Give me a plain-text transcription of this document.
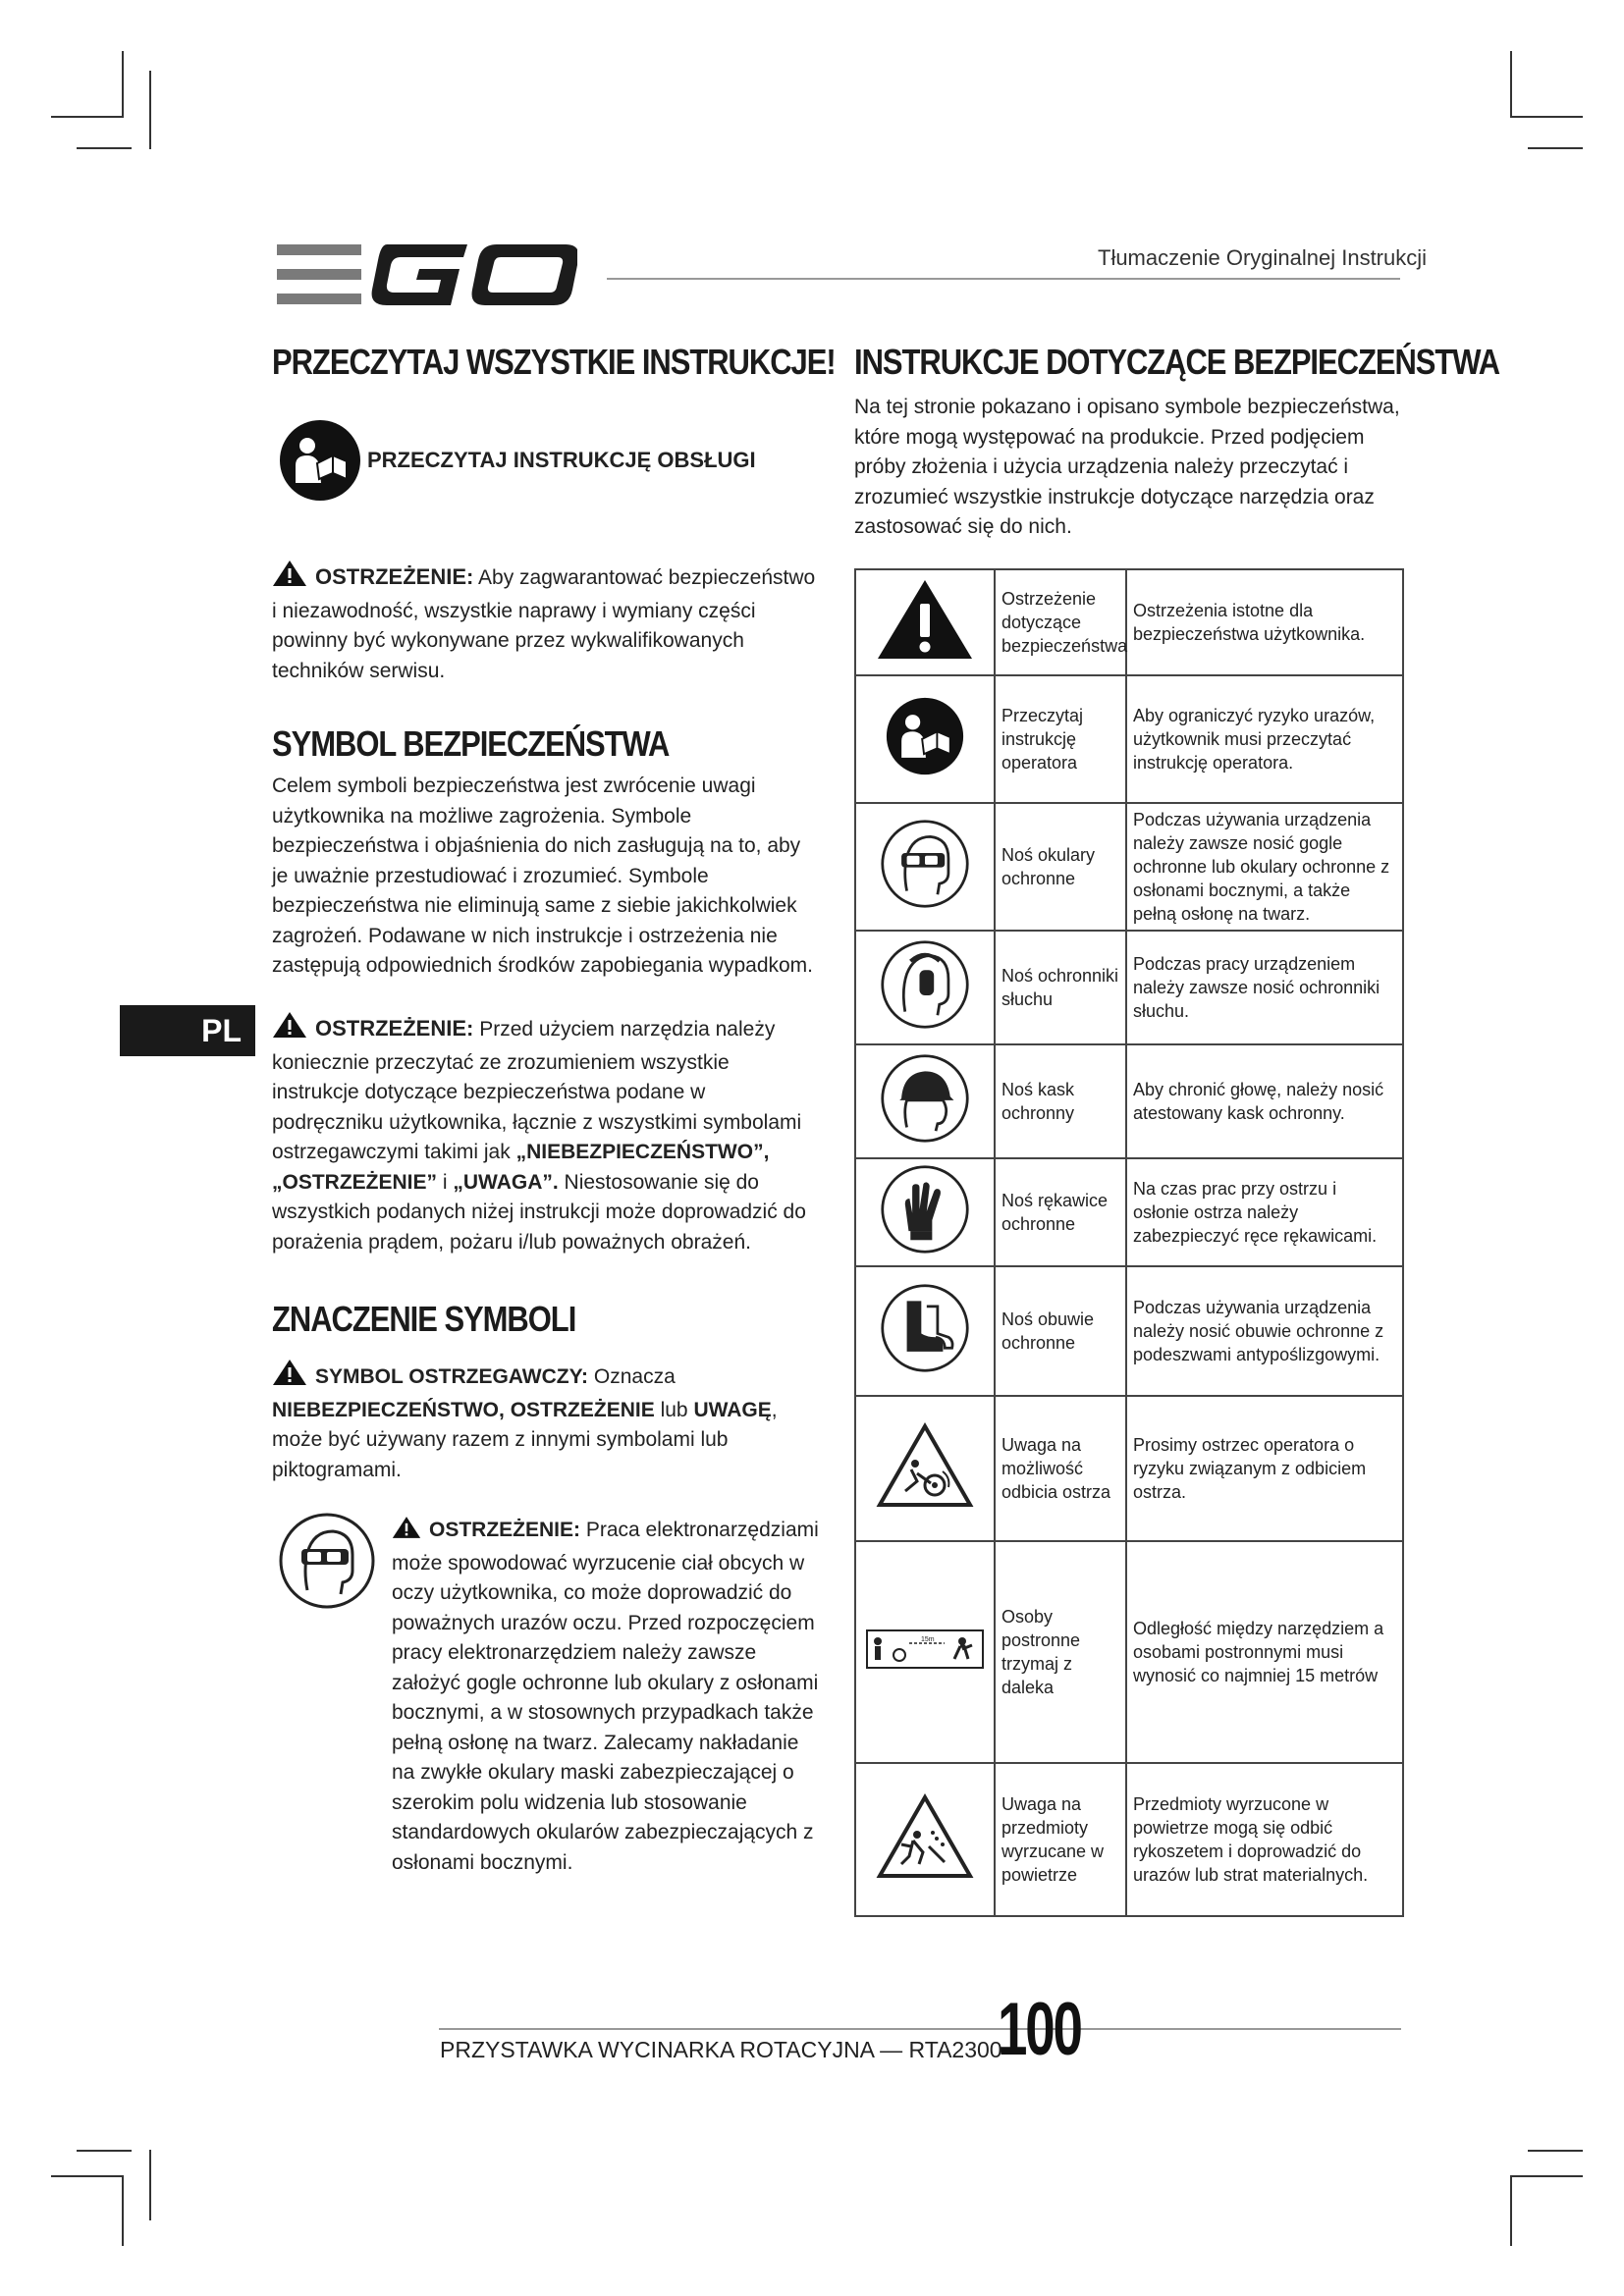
Tłumaczenie Oryginalnej Instrukcji
PRZECZYTAJ WSZYSTKIE INSTRUKCJE!
PRZECZYTAJ INSTRUKCJĘ OBSŁUGI

OSTRZEŻENIE: Aby zagwarantować bezpieczeństwo i niezawodność, wszystkie naprawy i wymiany części powinny być wykonywane przez wykwalifikowanych techników serwisu.

SYMBOL BEZPIECZEŃSTWA

Celem symboli bezpieczeństwa jest zwrócenie uwagi użytkownika na możliwe zagrożenia. Symbole bezpieczeństwa i objaśnienia do nich zasługują na to, aby je uważnie przestudiować i zrozumieć. Symbole bezpieczeństwa nie eliminują same z siebie jakichkolwiek zagrożeń. Podawane w nich instrukcje i ostrzeżenia nie zastępują odpowiednich środków zapobiegania wypadkom.

PL	OSTRZEŻENIE: Przed użyciem narzędzia należy koniecznie przeczytać ze zrozumieniem wszystkie instrukcje dotyczące bezpieczeństwa podane w podręczniku użytkownika, łącznie z wszystkimi symbolami ostrzegawczymi takimi jak „NIEBEZPIECZEŃSTWO”, „OSTRZEŻENIE” i „UWAGA”. Niestosowanie się do wszystkich podanych niżej instrukcji może doprowadzić do porażenia prądem, pożaru i/lub poważnych obrażeń.

ZNACZENIE SYMBOLI

SYMBOL OSTRZEGAWCZY: Oznacza NIEBEZPIECZEŃSTWO, OSTRZEŻENIE lub UWAGĘ, może być używany razem z innymi symbolami lub piktogramami.

OSTRZEŻENIE: Praca elektronarzędziami może spowodować wyrzucenie ciał obcych w oczy użytkownika, co może doprowadzić do poważnych urazów oczu. Przed rozpoczęciem pracy elektronarzędziem należy zawsze założyć gogle ochronne lub okulary z osłonami bocznymi, a w stosownych przypadkach także pełną osłonę na twarz. Zalecamy nakładanie na zwykłe okulary maski zabezpieczającej o szerokim polu widzenia lub stosowanie standardowych okularów zabezpieczających z osłonami bocznymi.

INSTRUKCJE DOTYCZĄCE BEZPIECZEŃSTWA

Na tej stronie pokazano i opisano symbole bezpieczeństwa, które mogą występować na produkcie. Przed podjęciem próby złożenia i użycia urządzenia należy przeczytać i zrozumieć wszystkie instrukcje dotyczące narzędzia oraz zastosować się do nich.

	Ostrzeżenie dotyczące bezpieczeństwa	Ostrzeżenia istotne dla bezpieczeństwa użytkownika.
	Przeczytaj instrukcję operatora	Aby ograniczyć ryzyko urazów, użytkownik musi przeczytać instrukcję operatora.
	Noś okulary ochronne	Podczas używania urządzenia należy zawsze nosić gogle ochronne lub okulary ochronne z osłonami bocznymi, a także pełną osłonę na twarz.
	Noś ochronniki słuchu	Podczas pracy urządzeniem należy zawsze nosić ochronniki słuchu.
	Noś kask ochronny	Aby chronić głowę, należy nosić atestowany kask ochronny.
	Noś rękawice ochronne	Na czas prac przy ostrzu i osłonie ostrza należy zabezpieczyć ręce rękawicami.
	Noś obuwie ochronne	Podczas używania urządzenia należy nosić obuwie ochronne z podeszwami antypoślizgowymi.
	Uwaga na możliwość odbicia ostrza	Prosimy ostrzec operatora o ryzyku związanym z odbiciem ostrza.

15m	Osoby postronne trzymaj z daleka	Odległość między narzędziem a osobami postronnymi musi wynosić co najmniej 15 metrów
	Uwaga na przedmioty wyrzucane w powietrze	Przedmioty wyrzucone w powietrze mogą się odbić rykoszetem i doprowadzić do urazów lub strat materialnych.
PRZYSTAWKA WYCINARKA ROTACYJNA — RTA2300
100
